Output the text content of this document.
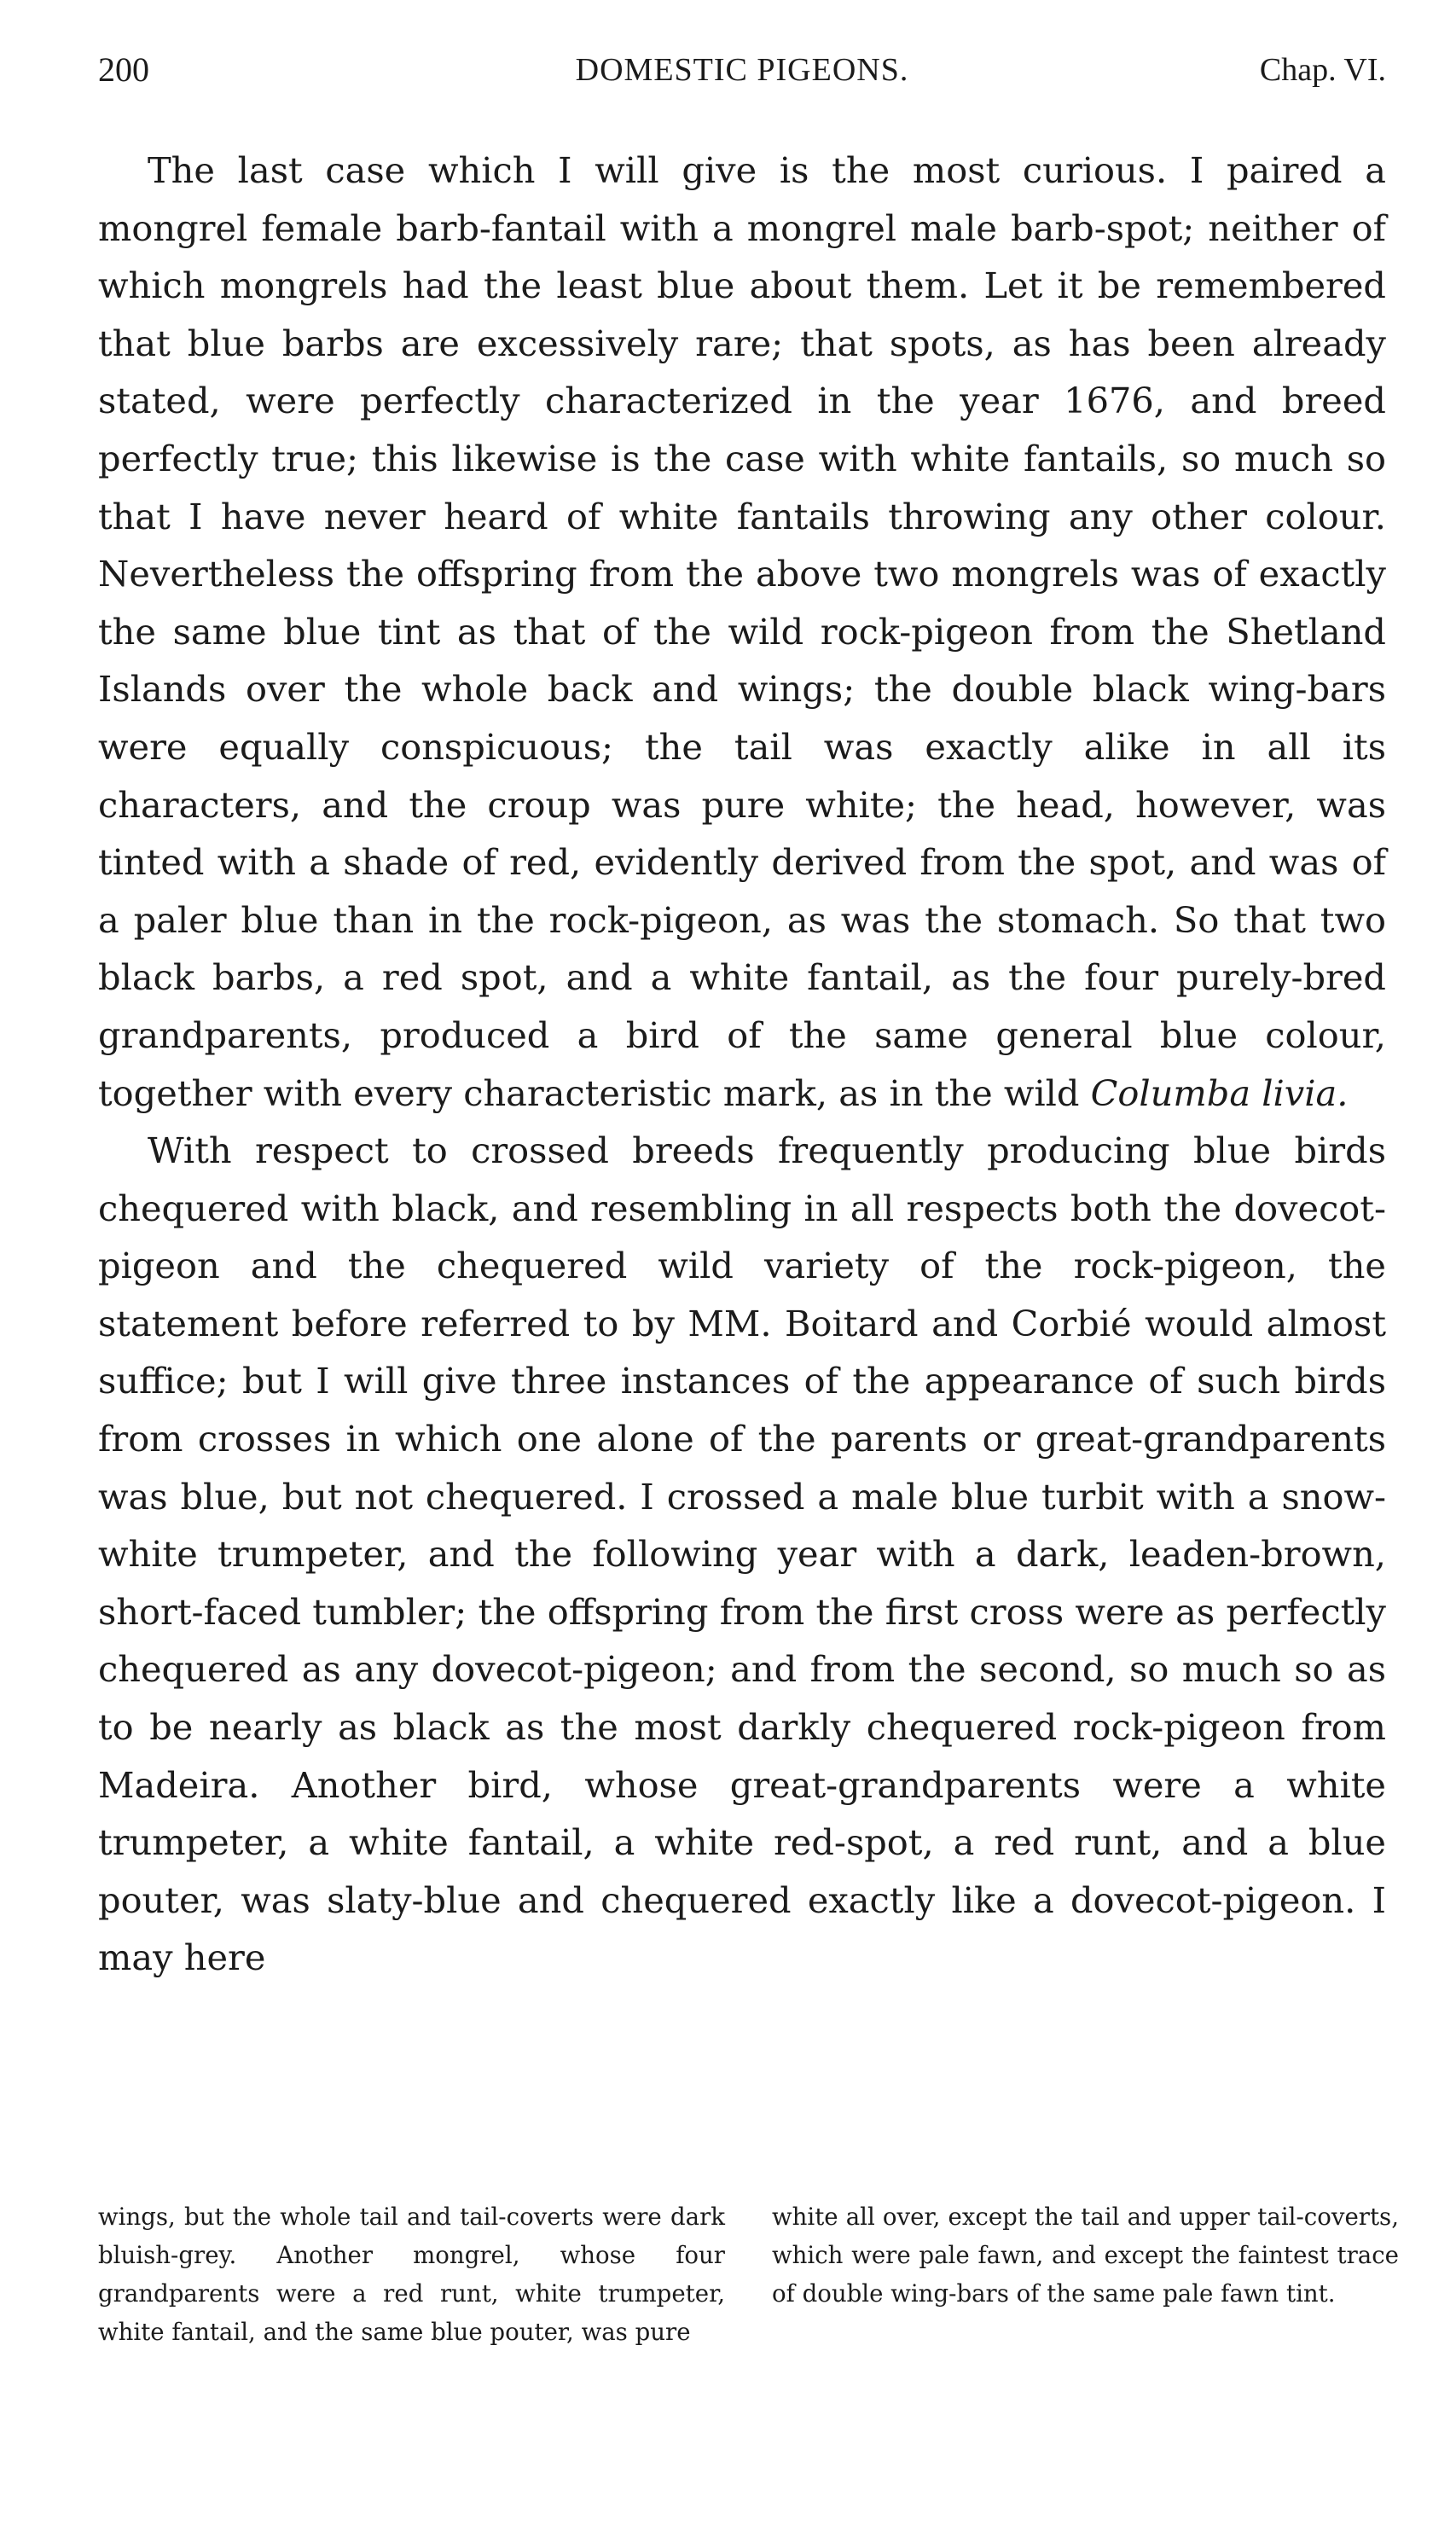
200	DOMESTIC PIGEONS.	Chap. VI.

The last case which I will give is the most curious. I paired a mongrel female barb-fantail with a mongrel male barb-spot; neither of which mongrels had the least blue about them. Let it be remembered that blue barbs are excessively rare; that spots, as has been already stated, were perfectly characterized in the year 1676, and breed perfectly true; this likewise is the case with white fantails, so much so that I have never heard of white fantails throwing any other colour. Nevertheless the offspring from the above two mongrels was of exactly the same blue tint as that of the wild rock-pigeon from the Shetland Islands over the whole back and wings; the double black wing-bars were equally conspicuous; the tail was exactly alike in all its characters, and the croup was pure white; the head, however, was tinted with a shade of red, evidently derived from the spot, and was of a paler blue than in the rock-pigeon, as was the stomach. So that two black barbs, a red spot, and a white fantail, as the four purely-bred grandparents, produced a bird of the same general blue colour, together with every characteristic mark, as in the wild Columba livia.

With respect to crossed breeds frequently producing blue birds chequered with black, and resembling in all respects both the dovecot-pigeon and the chequered wild variety of the rock-pigeon, the statement before referred to by MM. Boitard and Corbié would almost suffice; but I will give three instances of the appearance of such birds from crosses in which one alone of the parents or great-grandparents was blue, but not chequered. I crossed a male blue turbit with a snow-white trumpeter, and the following year with a dark, leaden-brown, short-faced tumbler; the offspring from the first cross were as perfectly chequered as any dovecot-pigeon; and from the second, so much so as to be nearly as black as the most darkly chequered rock-pigeon from Madeira. Another bird, whose great-grandparents were a white trumpeter, a white fantail, a white red-spot, a red runt, and a blue pouter, was slaty-blue and chequered exactly like a dovecot-pigeon. I may here

wings, but the whole tail and tail-coverts were dark bluish-grey. Another mongrel, whose four grandparents were a red runt, white trumpeter, white fantail, and the same blue pouter, was pure
white all over, except the tail and upper tail-coverts, which were pale fawn, and except the faintest trace of double wing-bars of the same pale fawn tint.
